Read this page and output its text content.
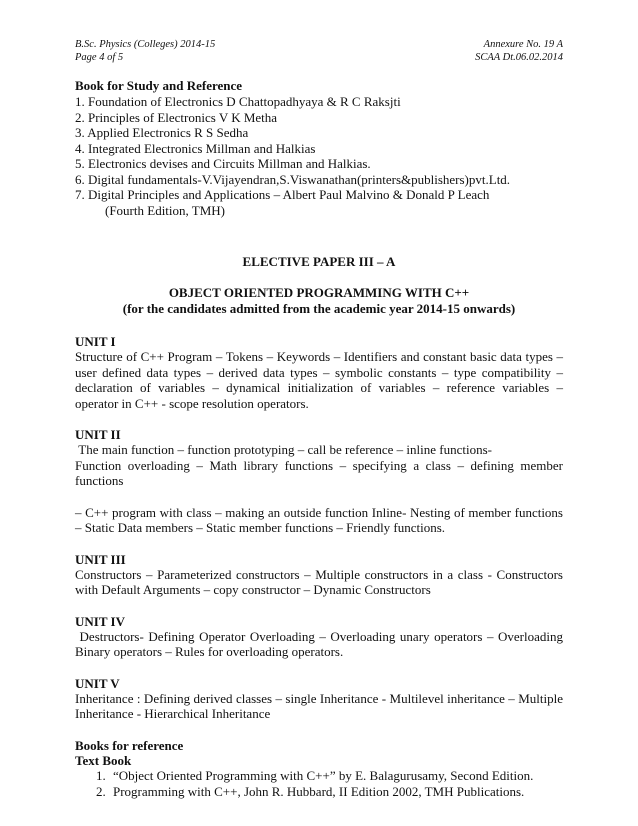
B.Sc. Physics (Colleges) 2014-15
Page 4 of 5
Annexure No. 19 A
SCAA Dt.06.02.2014
Book for Study and Reference
1. Foundation of Electronics D Chattopadhyaya & R C Raksjti
2. Principles of Electronics V K Metha
3. Applied Electronics R S Sedha
4. Integrated Electronics Millman and Halkias
5. Electronics devises and Circuits Millman and Halkias.
6. Digital fundamentals-V.Vijayendran,S.Viswanathan(printers&publishers)pvt.Ltd.
7. Digital Principles and Applications – Albert Paul Malvino & Donald P Leach
(Fourth Edition, TMH)
ELECTIVE PAPER III – A
OBJECT ORIENTED PROGRAMMING WITH C++
(for the candidates admitted from the academic year 2014-15 onwards)
UNIT I
Structure of C++ Program – Tokens – Keywords – Identifiers and constant basic data types – user defined data types – derived data types – symbolic constants – type compatibility – declaration of variables – dynamical initialization of variables – reference variables – operator in C++ - scope resolution operators.
UNIT II
The main function – function prototyping – call be reference – inline functions-
Function overloading – Math library functions – specifying a class – defining member functions
– C++ program with class – making an outside function Inline- Nesting of member functions – Static Data members – Static member functions – Friendly functions.
UNIT III
Constructors – Parameterized constructors – Multiple constructors in a class - Constructors with Default Arguments – copy constructor – Dynamic Constructors
UNIT IV
Destructors- Defining Operator Overloading – Overloading unary operators – Overloading Binary operators – Rules for overloading operators.
UNIT V
Inheritance : Defining derived classes – single Inheritance - Multilevel inheritance – Multiple Inheritance - Hierarchical Inheritance
Books for reference
Text Book
1. “Object Oriented Programming with C++” by E. Balagurusamy, Second Edition.
2. Programming with C++, John R. Hubbard, II Edition 2002, TMH Publications.
